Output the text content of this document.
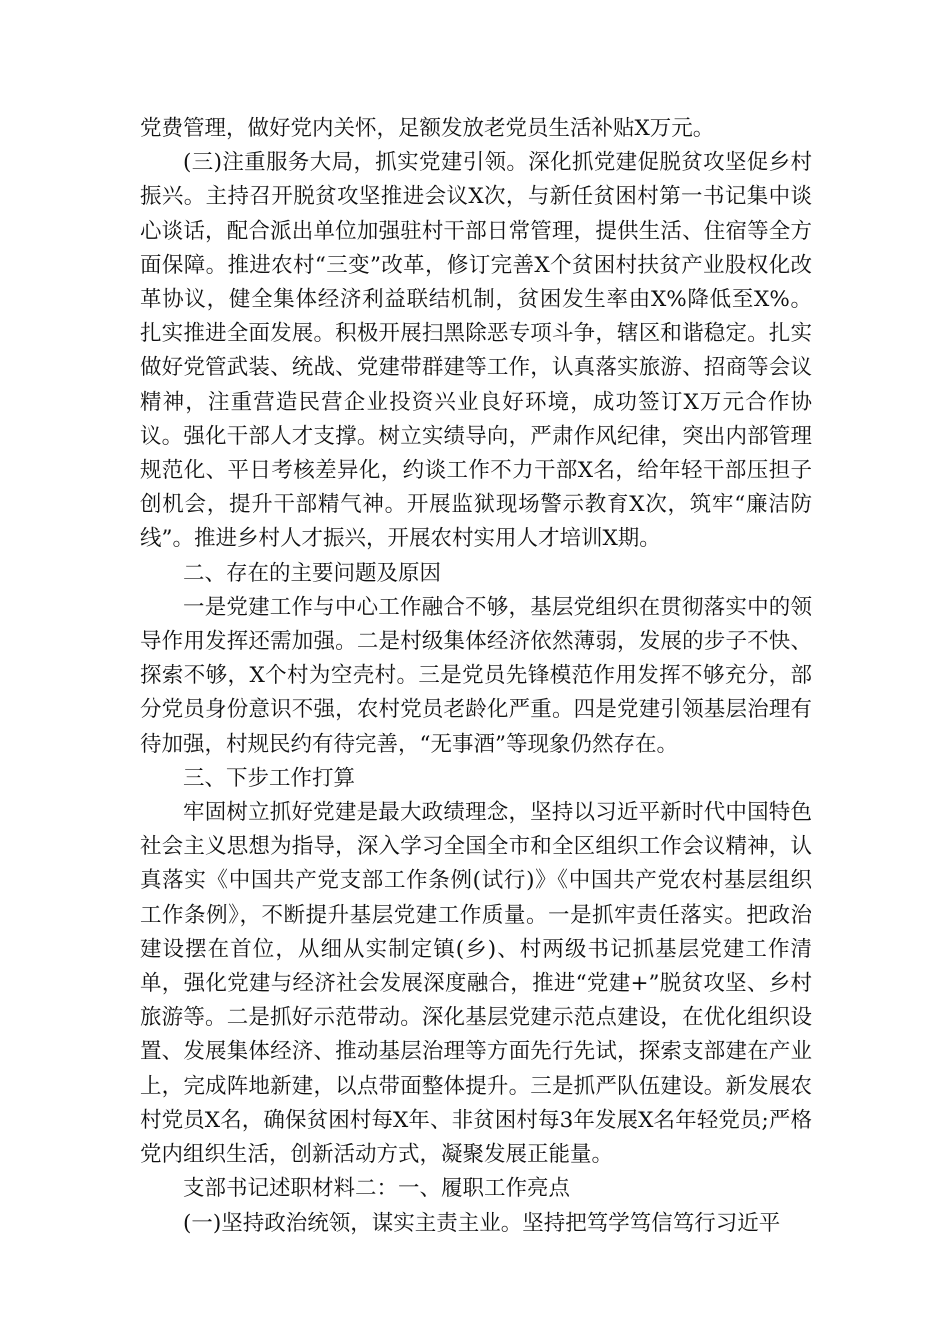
党费管理，做好党内关怀，足额发放老党员生活补贴X万元。

(三)注重服务大局，抓实党建引领。深化抓党建促脱贫攻坚促乡村振兴。主持召开脱贫攻坚推进会议X次，与新任贫困村第一书记集中谈心谈话，配合派出单位加强驻村干部日常管理，提供生活、住宿等全方面保障。推进农村“三变”改革，修订完善X个贫困村扶贫产业股权化改革协议，健全集体经济利益联结机制，贫困发生率由X%降低至X%。扎实推进全面发展。积极开展扫黑除恶专项斗争，辖区和谐稳定。扎实做好党管武装、统战、党建带群建等工作，认真落实旅游、招商等会议精神，注重营造民营企业投资兴业良好环境，成功签订X万元合作协议。强化干部人才支撑。树立实绩导向，严肃作风纪律，突出内部管理规范化、平日考核差异化，约谈工作不力干部X名，给年轻干部压担子创机会，提升干部精气神。开展监狱现场警示教育X次，筑牢“廉洁防线”。推进乡村人才振兴，开展农村实用人才培训X期。

二、存在的主要问题及原因

一是党建工作与中心工作融合不够，基层党组织在贯彻落实中的领导作用发挥还需加强。二是村级集体经济依然薄弱，发展的步子不快、探索不够，X个村为空壳村。三是党员先锋模范作用发挥不够充分，部分党员身份意识不强，农村党员老龄化严重。四是党建引领基层治理有待加强，村规民约有待完善，“无事酒”等现象仍然存在。

三、下步工作打算

牢固树立抓好党建是最大政绩理念，坚持以习近平新时代中国特色社会主义思想为指导，深入学习全国全市和全区组织工作会议精神，认真落实《中国共产党支部工作条例(试行)》《中国共产党农村基层组织工作条例》，不断提升基层党建工作质量。一是抓牢责任落实。把政治建设摆在首位，从细从实制定镇(乡)、村两级书记抓基层党建工作清单，强化党建与经济社会发展深度融合，推进“党建+”脱贫攻坚、乡村旅游等。二是抓好示范带动。深化基层党建示范点建设，在优化组织设置、发展集体经济、推动基层治理等方面先行先试，探索支部建在产业上，完成阵地新建，以点带面整体提升。三是抓严队伍建设。新发展农村党员X名，确保贫困村每X年、非贫困村每3年发展X名年轻党员;严格党内组织生活，创新活动方式，凝聚发展正能量。

支部书记述职材料二：一、履职工作亮点

(一)坚持政治统领，谋实主责主业。坚持把笃学笃信笃行习近平
